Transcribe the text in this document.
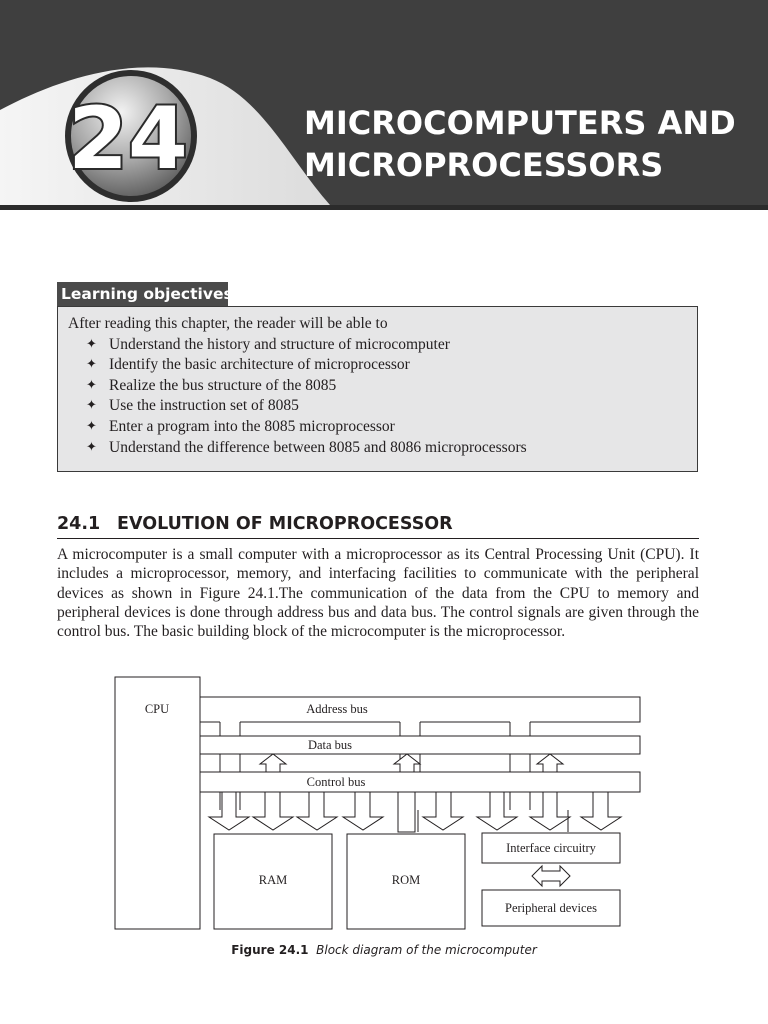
24	MICROCOMPUTERS AND
MICROPROCESSORS
Learning objectives

After reading this chapter, the reader will be able to

✦ Understand the history and structure of microcomputer
✦ Identify the basic architecture of microprocessor
✦ Realize the bus structure of the 8085
✦ Use the instruction set of 8085
✦ Enter a program into the 8085 microprocessor
✦ Understand the difference between 8085 and 8086 microprocessors
24.1 EVOLUTION OF MICROPROCESSOR

A microcomputer is a small computer with a microprocessor as its Central Processing Unit (CPU). It includes a microprocessor, memory, and interfacing facilities to communicate with the peripheral devices as shown in Figure 24.1.The communication of the data from the CPU to memory and peripheral devices is done through address bus and data bus. The control signals are given through the control bus. The basic building block of the microcomputer is the microprocessor.

CPU	Address bus
Data bus
Control bus
RAM	ROM
Interface circuitry
Peripheral devices
Figure 24.1 Block diagram of the microcomputer
